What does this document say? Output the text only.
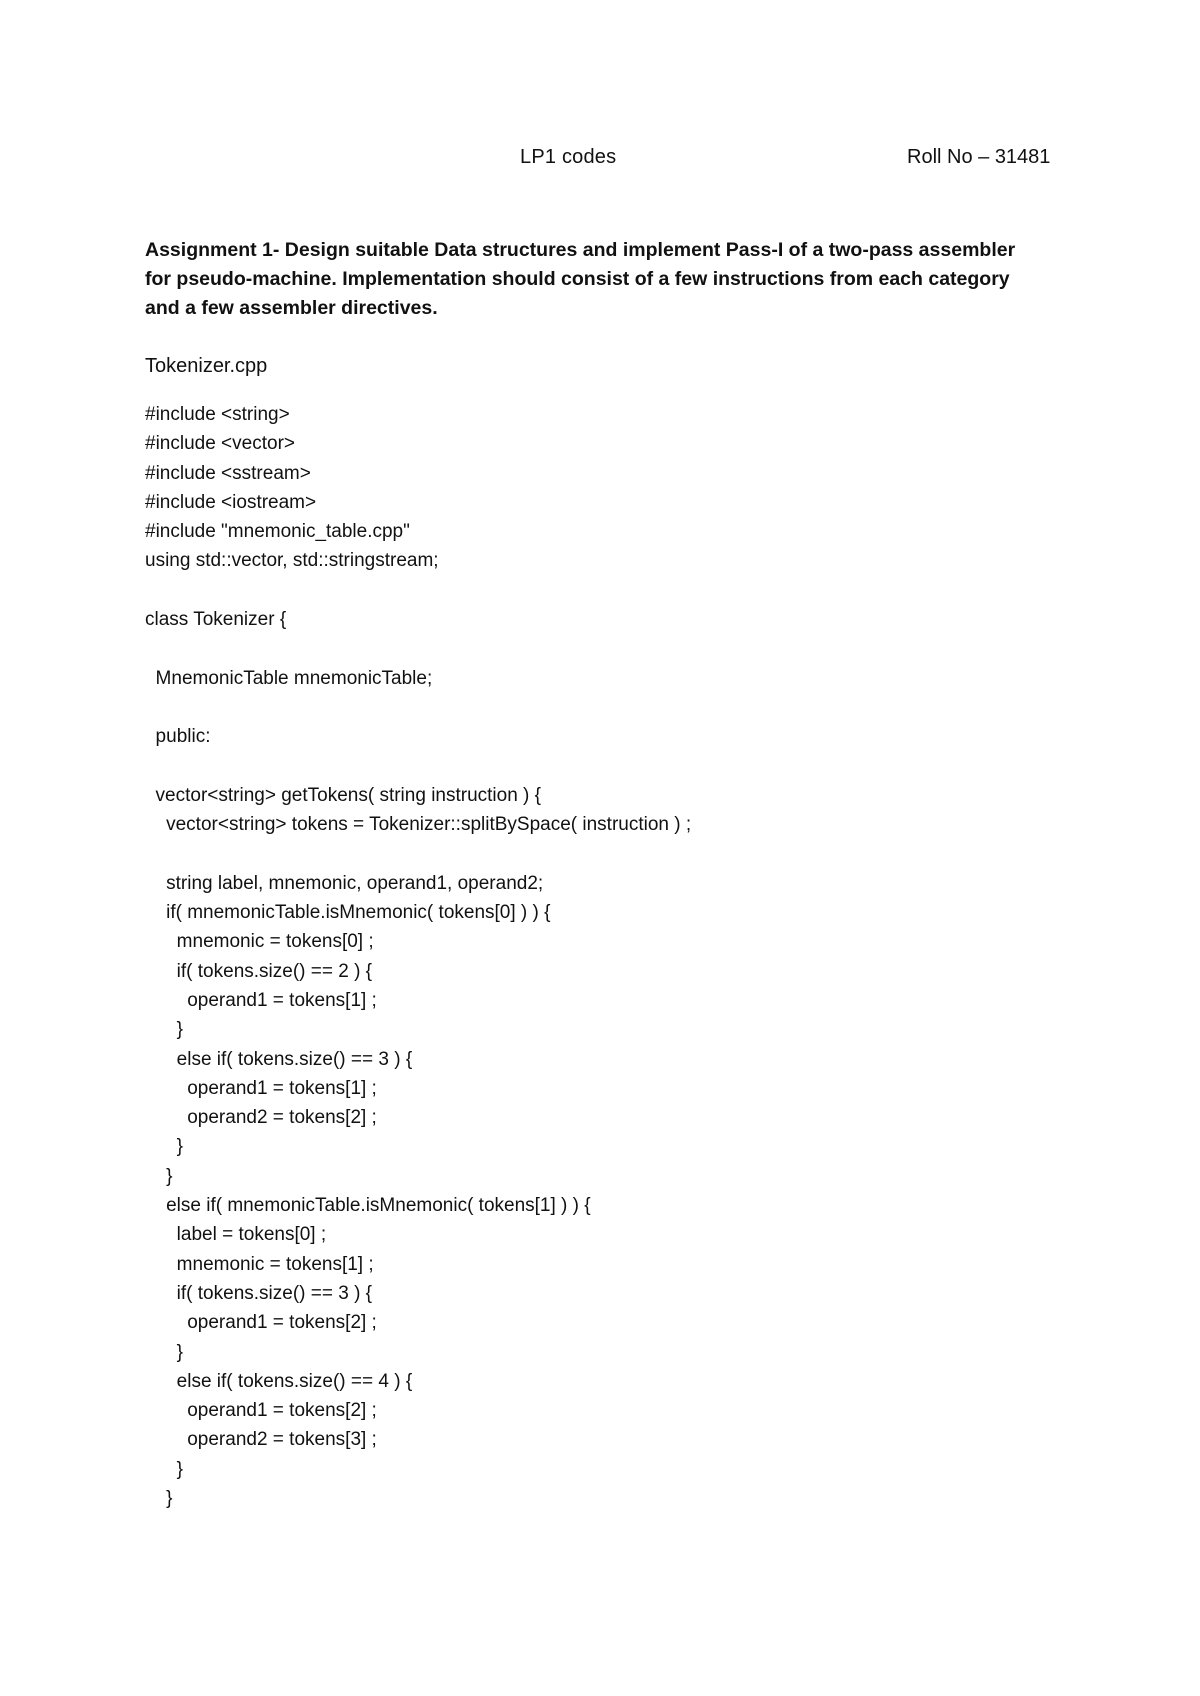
LP1 codes	Roll No – 31481
Assignment 1- Design suitable Data structures and implement Pass-I of a two-pass assembler for pseudo-machine. Implementation should consist of a few instructions from each category and a few assembler directives.
Tokenizer.cpp
#include <string>
#include <vector>
#include <sstream>
#include <iostream>
#include "mnemonic_table.cpp"
using std::vector, std::stringstream;
class Tokenizer {
MnemonicTable mnemonicTable;
public:
vector<string> getTokens( string instruction ) {
vector<string> tokens = Tokenizer::splitBySpace( instruction ) ;
string label, mnemonic, operand1, operand2;
if( mnemonicTable.isMnemonic( tokens[0] ) ) {
mnemonic = tokens[0] ;
if( tokens.size() == 2 ) {
operand1 = tokens[1] ;
}
else if( tokens.size() == 3 ) {
operand1 = tokens[1] ;
operand2 = tokens[2] ;
}
}
else if( mnemonicTable.isMnemonic( tokens[1] ) ) {
label = tokens[0] ;
mnemonic = tokens[1] ;
if( tokens.size() == 3 ) {
operand1 = tokens[2] ;
}
else if( tokens.size() == 4 ) {
operand1 = tokens[2] ;
operand2 = tokens[3] ;
}
}
